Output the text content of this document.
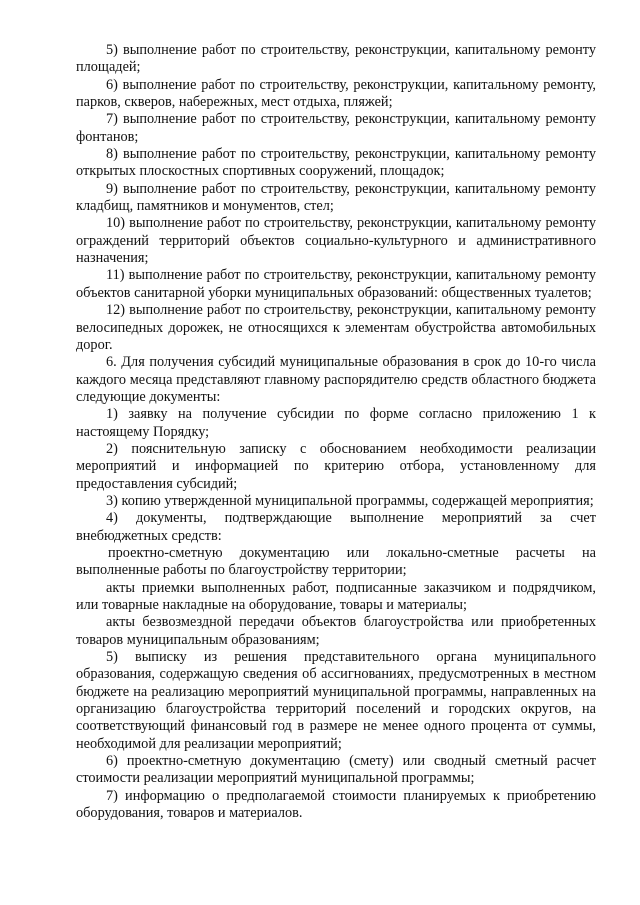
5) выполнение работ по строительству, реконструкции, капитальному ремонту площадей;

6) выполнение работ по строительству, реконструкции, капитальному ремонту, парков, скверов, набережных, мест отдыха, пляжей;

7) выполнение работ по строительству, реконструкции, капитальному ремонту фонтанов;

8) выполнение работ по строительству, реконструкции, капитальному ремонту открытых плоскостных спортивных сооружений, площадок;

9) выполнение работ по строительству, реконструкции, капитальному ремонту кладбищ, памятников и монументов, стел;

10) выполнение работ по строительству, реконструкции, капитальному ремонту ограждений территорий объектов социально-культурного и административного назначения;

11) выполнение работ по строительству, реконструкции, капитальному ремонту объектов санитарной уборки муниципальных образований: общественных туалетов;

12) выполнение работ по строительству, реконструкции, капитальному ремонту велосипедных дорожек, не относящихся к элементам обустройства автомобильных дорог.

6. Для получения субсидий муниципальные образования в срок до 10-го числа каждого месяца представляют главному распорядителю средств областного бюджета следующие документы:

1) заявку на получение субсидии по форме согласно приложению 1 к настоящему Порядку;

2) пояснительную записку с обоснованием необходимости реализации мероприятий и информацией по критерию отбора, установленному для предоставления субсидий;

3) копию утвержденной муниципальной программы, содержащей мероприятия;

4) документы, подтверждающие выполнение мероприятий за счет внебюджетных средств:

проектно-сметную документацию или локально-сметные расчеты на выполненные работы по благоустройству территории;

акты приемки выполненных работ, подписанные заказчиком и подрядчиком, или товарные накладные на оборудование, товары и материалы;

акты безвозмездной передачи объектов благоустройства или приобретенных товаров муниципальным образованиям;

5) выписку из решения представительного органа муниципального образования, содержащую сведения об ассигнованиях, предусмотренных в местном бюджете на реализацию мероприятий муниципальной программы, направленных на организацию благоустройства территорий поселений и городских округов, на соответствующий финансовый год в размере не менее одного процента от суммы, необходимой для реализации мероприятий;

6) проектно-сметную документацию (смету) или сводный сметный расчет стоимости реализации мероприятий муниципальной программы;

7) информацию о предполагаемой стоимости планируемых к приобретению оборудования, товаров и материалов.
